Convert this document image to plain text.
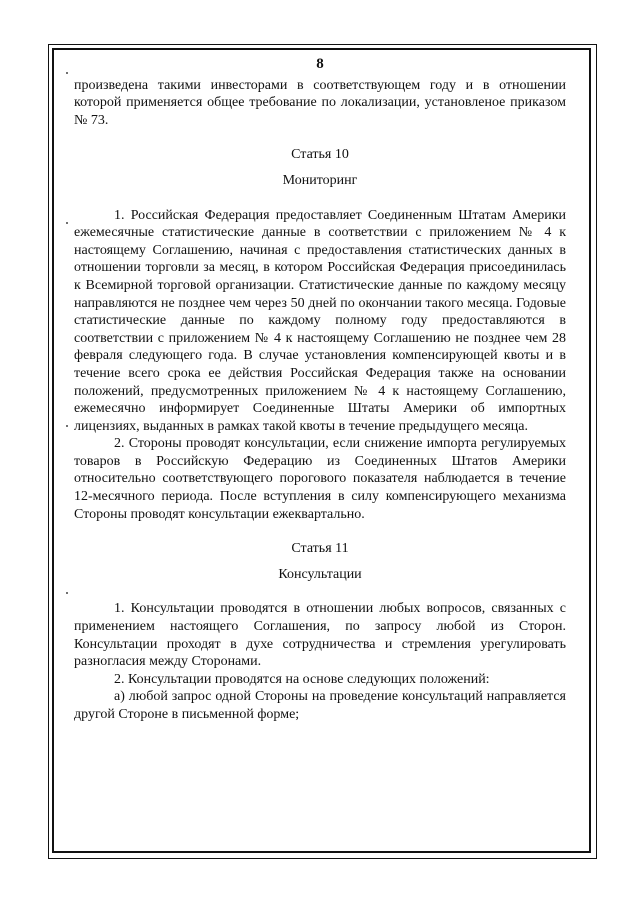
8

произведена такими инвесторами в соответствующем году и в отношении которой применяется общее требование по локализации, установленое приказом № 73.

Статья 10
Мониторинг

1. Российская Федерация предоставляет Соединенным Штатам Америки ежемесячные статистические данные в соответствии с приложением № 4 к настоящему Соглашению, начиная с предоставления статистических данных в отношении торговли за месяц, в котором Российская Федерация присоединилась к Всемирной торговой организации. Статистические данные по каждому месяцу направляются не позднее чем через 50 дней по окончании такого месяца. Годовые статистические данные по каждому полному году предоставляются в соответствии с приложением № 4 к настоящему Соглашению не позднее чем 28 февраля следующего года. В случае установления компенсирующей квоты и в течение всего срока ее действия Российская Федерация также на основании положений, предусмотренных приложением № 4 к настоящему Соглашению, ежемесячно информирует Соединенные Штаты Америки об импортных лицензиях, выданных в рамках такой квоты в течение предыдущего месяца.

2. Стороны проводят консультации, если снижение импорта регулируемых товаров в Российскую Федерацию из Соединенных Штатов Америки относительно соответствующего порогового показателя наблюдается в течение 12-месячного периода. После вступления в силу компенсирующего механизма Стороны проводят консультации ежеквартально.

Статья 11
Консультации

1. Консультации проводятся в отношении любых вопросов, связанных с применением настоящего Соглашения, по запросу любой из Сторон. Консультации проходят в духе сотрудничества и стремления урегулировать разногласия между Сторонами.

2. Консультации проводятся на основе следующих положений:

а) любой запрос одной Стороны на проведение консультаций направляется другой Стороне в письменной форме;
